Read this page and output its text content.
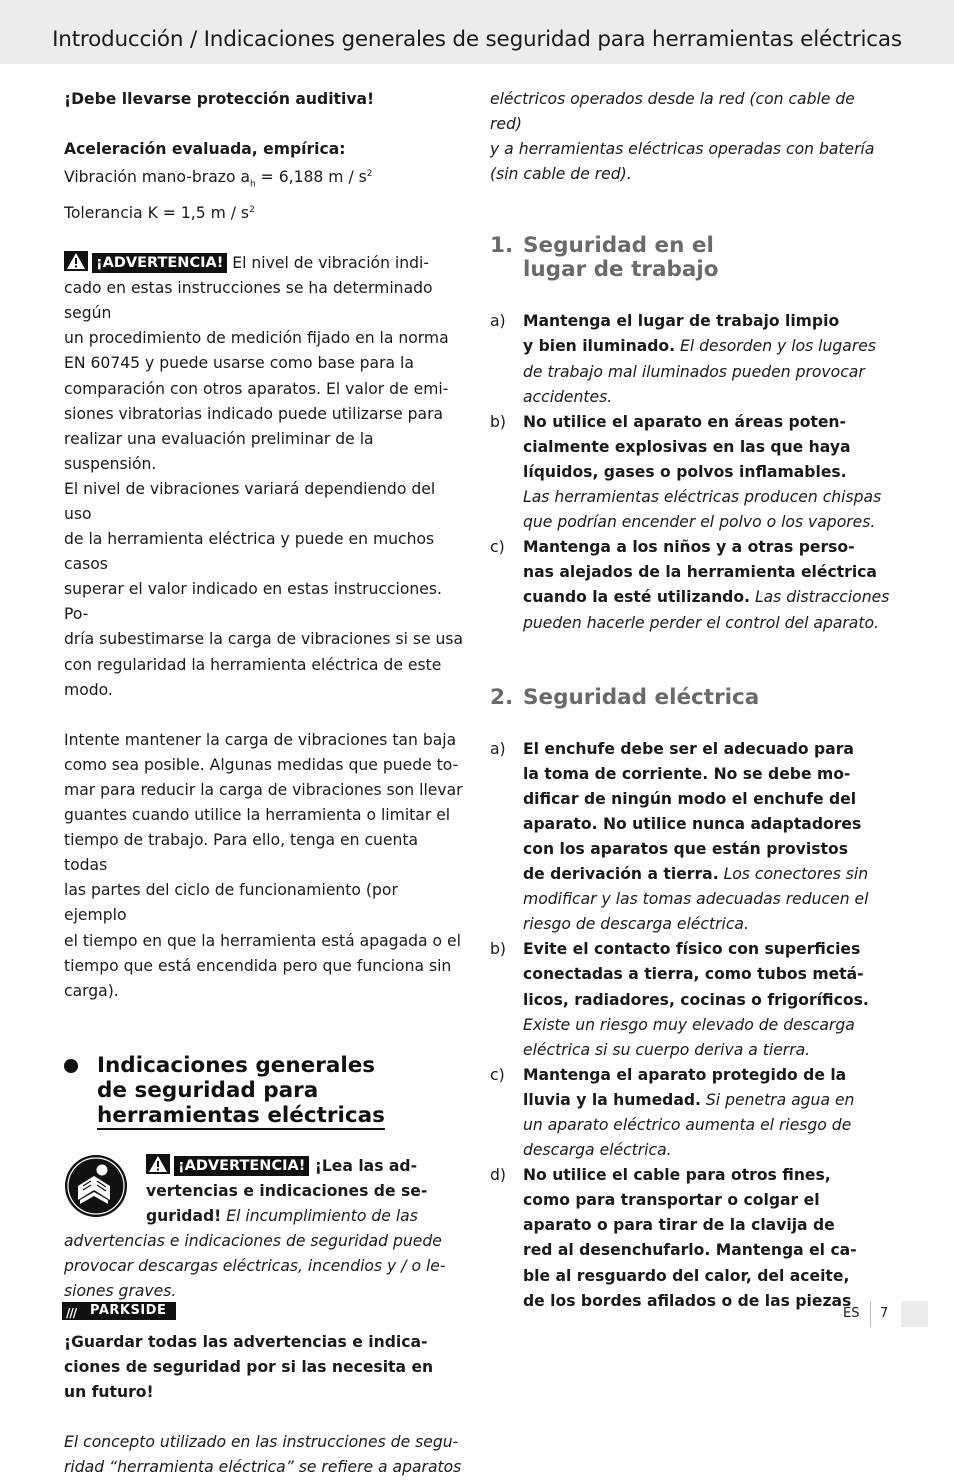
Introducción / Indicaciones generales de seguridad para herramientas eléctricas

¡Debe llevarse protección auditiva!

Aceleración evaluada, empírica:

Vibración mano-brazo $a_h = 6,188$ m / $s^2$

Tolerancia K = 1,5 m / $s^2$

¡ADVERTENCIA! El nivel de vibración indi-
cado en estas instrucciones se ha determinado según
un procedimiento de medición fijado en la norma
EN 60745 y puede usarse como base para la
comparación con otros aparatos. El valor de emi-
siones vibratorias indicado puede utilizarse para
realizar una evaluación preliminar de la suspensión.
El nivel de vibraciones variará dependiendo del uso
de la herramienta eléctrica y puede en muchos casos
superar el valor indicado en estas instrucciones. Po-
dría subestimarse la carga de vibraciones si se usa
con regularidad la herramienta eléctrica de este
modo.

Intente mantener la carga de vibraciones tan baja
como sea posible. Algunas medidas que puede to-
mar para reducir la carga de vibraciones son llevar
guantes cuando utilice la herramienta o limitar el
tiempo de trabajo. Para ello, tenga en cuenta todas
las partes del ciclo de funcionamiento (por ejemplo
el tiempo en que la herramienta está apagada o el
tiempo que está encendida pero que funciona sin
carga).

Indicaciones generales
de seguridad para
herramientas eléctricas

¡ADVERTENCIA! ¡Lea las ad-
vertencias e indicaciones de se-
guridad! El incumplimiento de las
advertencias e indicaciones de seguridad puede
provocar descargas eléctricas, incendios y / o le-
siones graves.

¡Guardar todas las advertencias e indica-
ciones de seguridad por si las necesita en
un futuro!

El concepto utilizado en las instrucciones de segu-
ridad “herramienta eléctrica” se refiere a aparatos

eléctricos operados desde la red (con cable de red)
y a herramientas eléctricas operadas con batería
(sin cable de red).

1. Seguridad en el
lugar de trabajo
a) Mantenga el lugar de trabajo limpio
y bien iluminado. El desorden y los lugares
de trabajo mal iluminados pueden provocar
accidentes.
b) No utilice el aparato en áreas poten-
cialmente explosivas en las que haya
líquidos, gases o polvos inflamables.
Las herramientas eléctricas producen chispas
que podrían encender el polvo o los vapores.
c) Mantenga a los niños y a otras perso-
nas alejados de la herramienta eléctrica
cuando la esté utilizando. Las distracciones
pueden hacerle perder el control del aparato.
2. Seguridad eléctrica
a) El enchufe debe ser el adecuado para
la toma de corriente. No se debe mo-
dificar de ningún modo el enchufe del
aparato. No utilice nunca adaptadores
con los aparatos que están provistos
de derivación a tierra. Los conectores sin
modificar y las tomas adecuadas reducen el
riesgo de descarga eléctrica.
b) Evite el contacto físico con superficies
conectadas a tierra, como tubos metá-
licos, radiadores, cocinas o frigoríficos.
Existe un riesgo muy elevado de descarga
eléctrica si su cuerpo deriva a tierra.
c) Mantenga el aparato protegido de la
lluvia y la humedad. Si penetra agua en
un aparato eléctrico aumenta el riesgo de
descarga eléctrica.
d) No utilice el cable para otros fines,
como para transportar o colgar el
aparato o para tirar de la clavija de
red al desenchufarlo. Mantenga el ca-
ble al resguardo del calor, del aceite,
de los bordes afilados o de las piezas
/// PARKSIDE	ES 7
